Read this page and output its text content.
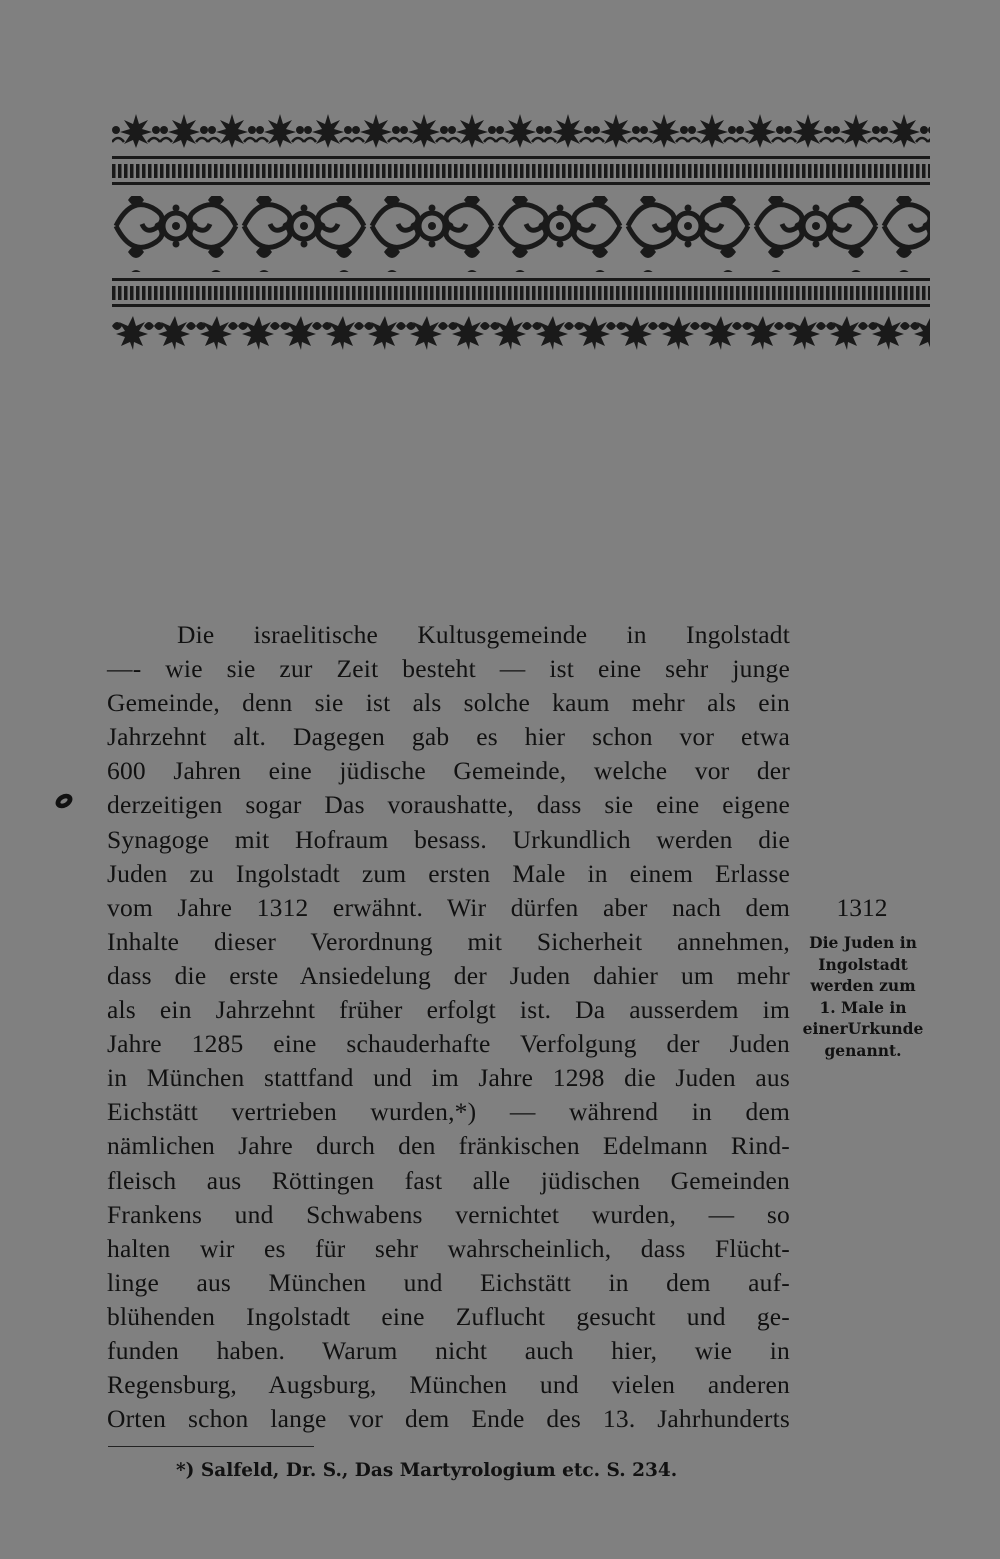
Die israelitische Kultusgemeinde in Ingolstadt
—- wie sie zur Zeit besteht — ist eine sehr junge
Gemeinde, denn sie ist als solche kaum mehr als ein
Jahrzehnt alt. Dagegen gab es hier schon vor etwa
600 Jahren eine jüdische Gemeinde, welche vor der
derzeitigen sogar Das voraushatte, dass sie eine eigene
Synagoge mit Hofraum besass. Urkundlich werden die
Juden zu Ingolstadt zum ersten Male in einem Erlasse
vom Jahre 1312 erwähnt. Wir dürfen aber nach dem
Inhalte dieser Verordnung mit Sicherheit annehmen,
dass die erste Ansiedelung der Juden dahier um mehr
als ein Jahrzehnt früher erfolgt ist. Da ausserdem im
Jahre 1285 eine schauderhafte Verfolgung der Juden
in München stattfand und im Jahre 1298 die Juden aus
Eichstätt vertrieben wurden,*) — während in dem
nämlichen Jahre durch den fränkischen Edelmann Rind-
fleisch aus Röttingen fast alle jüdischen Gemeinden
Frankens und Schwabens vernichtet wurden, — so
halten wir es für sehr wahrscheinlich, dass Flücht-
linge aus München und Eichstätt in dem auf-
blühenden Ingolstadt eine Zuflucht gesucht und ge-
funden haben. Warum nicht auch hier, wie in
Regensburg, Augsburg, München und vielen anderen
Orten schon lange vor dem Ende des 13. Jahrhunderts
1312
Die Juden in
Ingolstadt
werden zum
1. Male in
einerUrkunde
genannt.
*) Salfeld, Dr. S., Das Martyrologium etc. S. 234.
